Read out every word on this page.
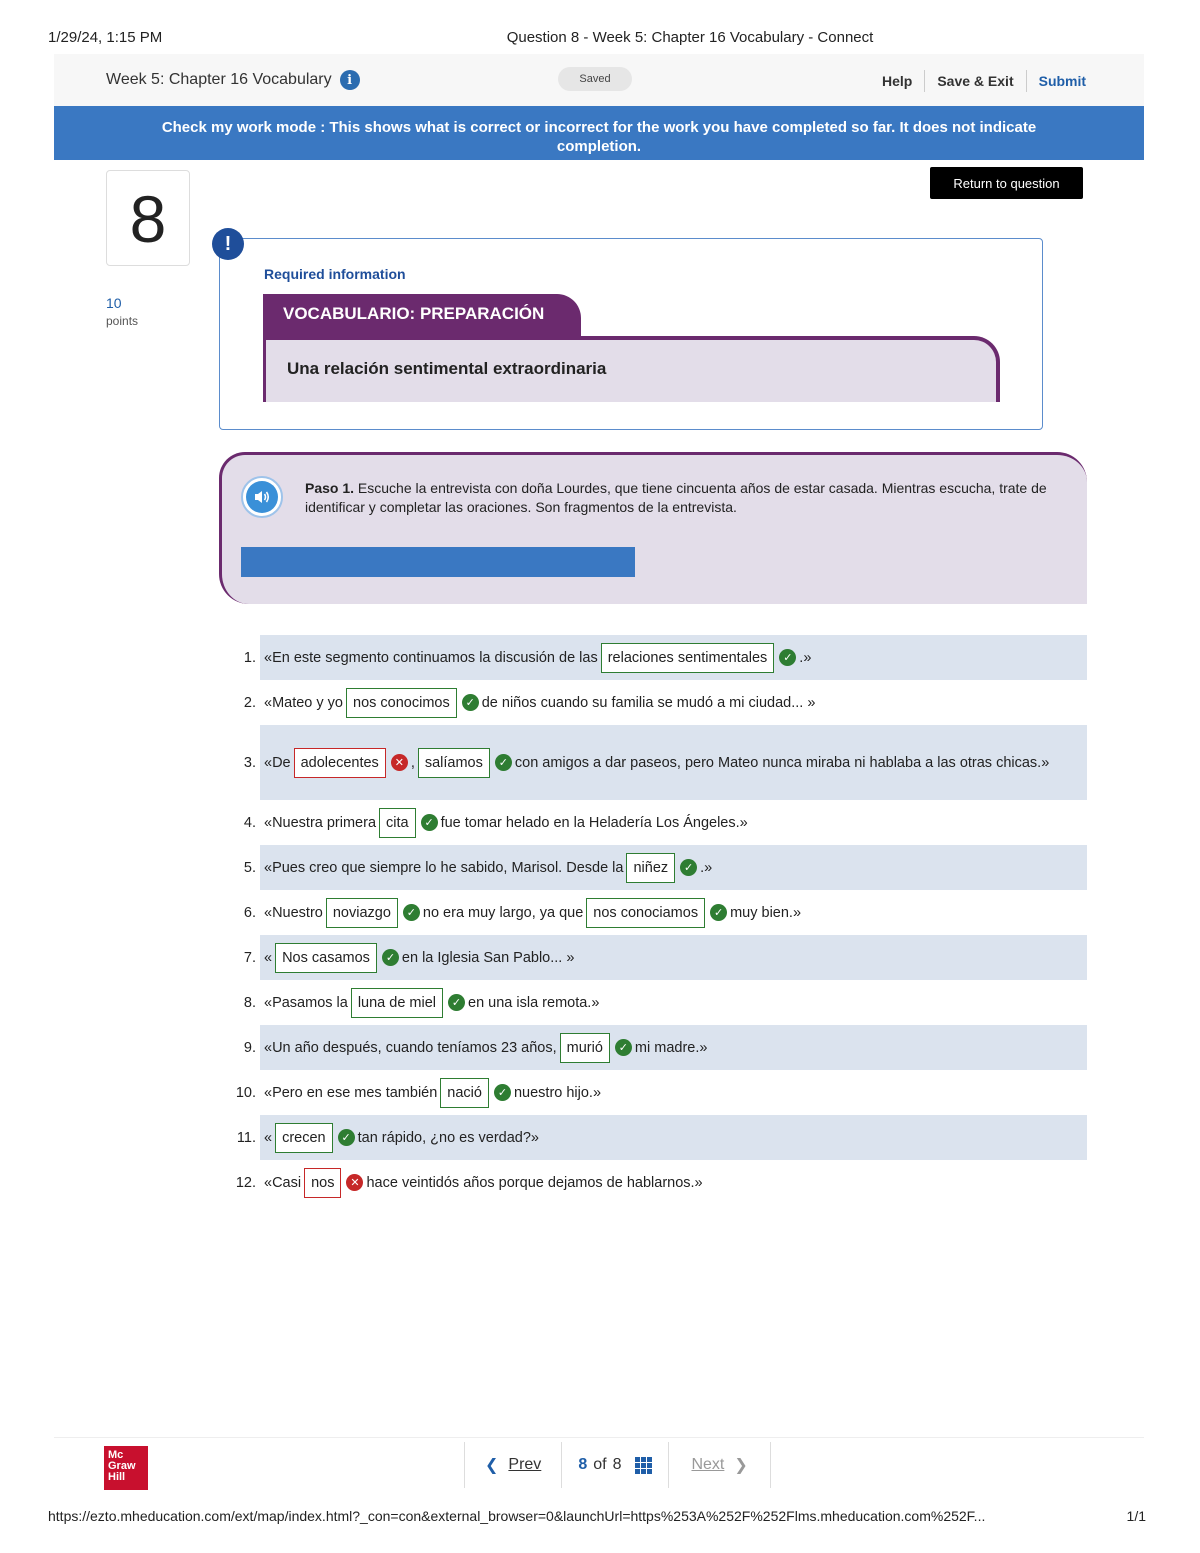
1/29/24, 1:15 PM	Question 8 - Week 5: Chapter 16 Vocabulary - Connect
Week 5: Chapter 16 Vocabulary	i	Saved	Help	Save & Exit	Submit
Check my work mode : This shows what is correct or incorrect for the work you have completed so far. It does not indicate completion.
8
10
points
Return to question
!
Required information
VOCABULARIO: PREPARACIÓN
Una relación sentimental extraordinaria
Paso 1. Escuche la entrevista con doña Lourdes, que tiene cincuenta años de estar casada. Mientras escucha, trate de identificar y completar las oraciones. Son fragmentos de la entrevista.
1. «En este segmento continuamos la discusión de las relaciones sentimentales	✓ .»
2. «Mateo y yo nos conocimos	✓ de niños cuando su familia se mudó a mi ciudad... »
3. «De adolecentes	✕ , salíamos	✓ con amigos a dar paseos, pero Mateo nunca miraba ni hablaba a las otras chicas.»
4. «Nuestra primera cita	✓ fue tomar helado en la Heladería Los Ángeles.»
5. «Pues creo que siempre lo he sabido, Marisol. Desde la niñez	✓ .»
6. «Nuestro noviazgo	✓ no era muy largo, ya que nos conociamos	✓ muy bien.»
7. « Nos casamos	✓ en la Iglesia San Pablo... »
8. «Pasamos la luna de miel	✓ en una isla remota.»
9. «Un año después, cuando teníamos 23 años, murió	✓ mi madre.»
10. «Pero en ese mes también nació	✓ nuestro hijo.»
11. « crecen	✓ tan rápido, ¿no es verdad?»
12. «Casi nos	✕ hace veintidós años porque dejamos de hablarnos.»
Mc Graw Hill
❮ Prev 8 of 8	Next ❯
https://ezto.mheducation.com/ext/map/index.html?_con=con&external_browser=0&launchUrl=https%253A%252F%252Flms.mheducation.com%252F...	1/1
